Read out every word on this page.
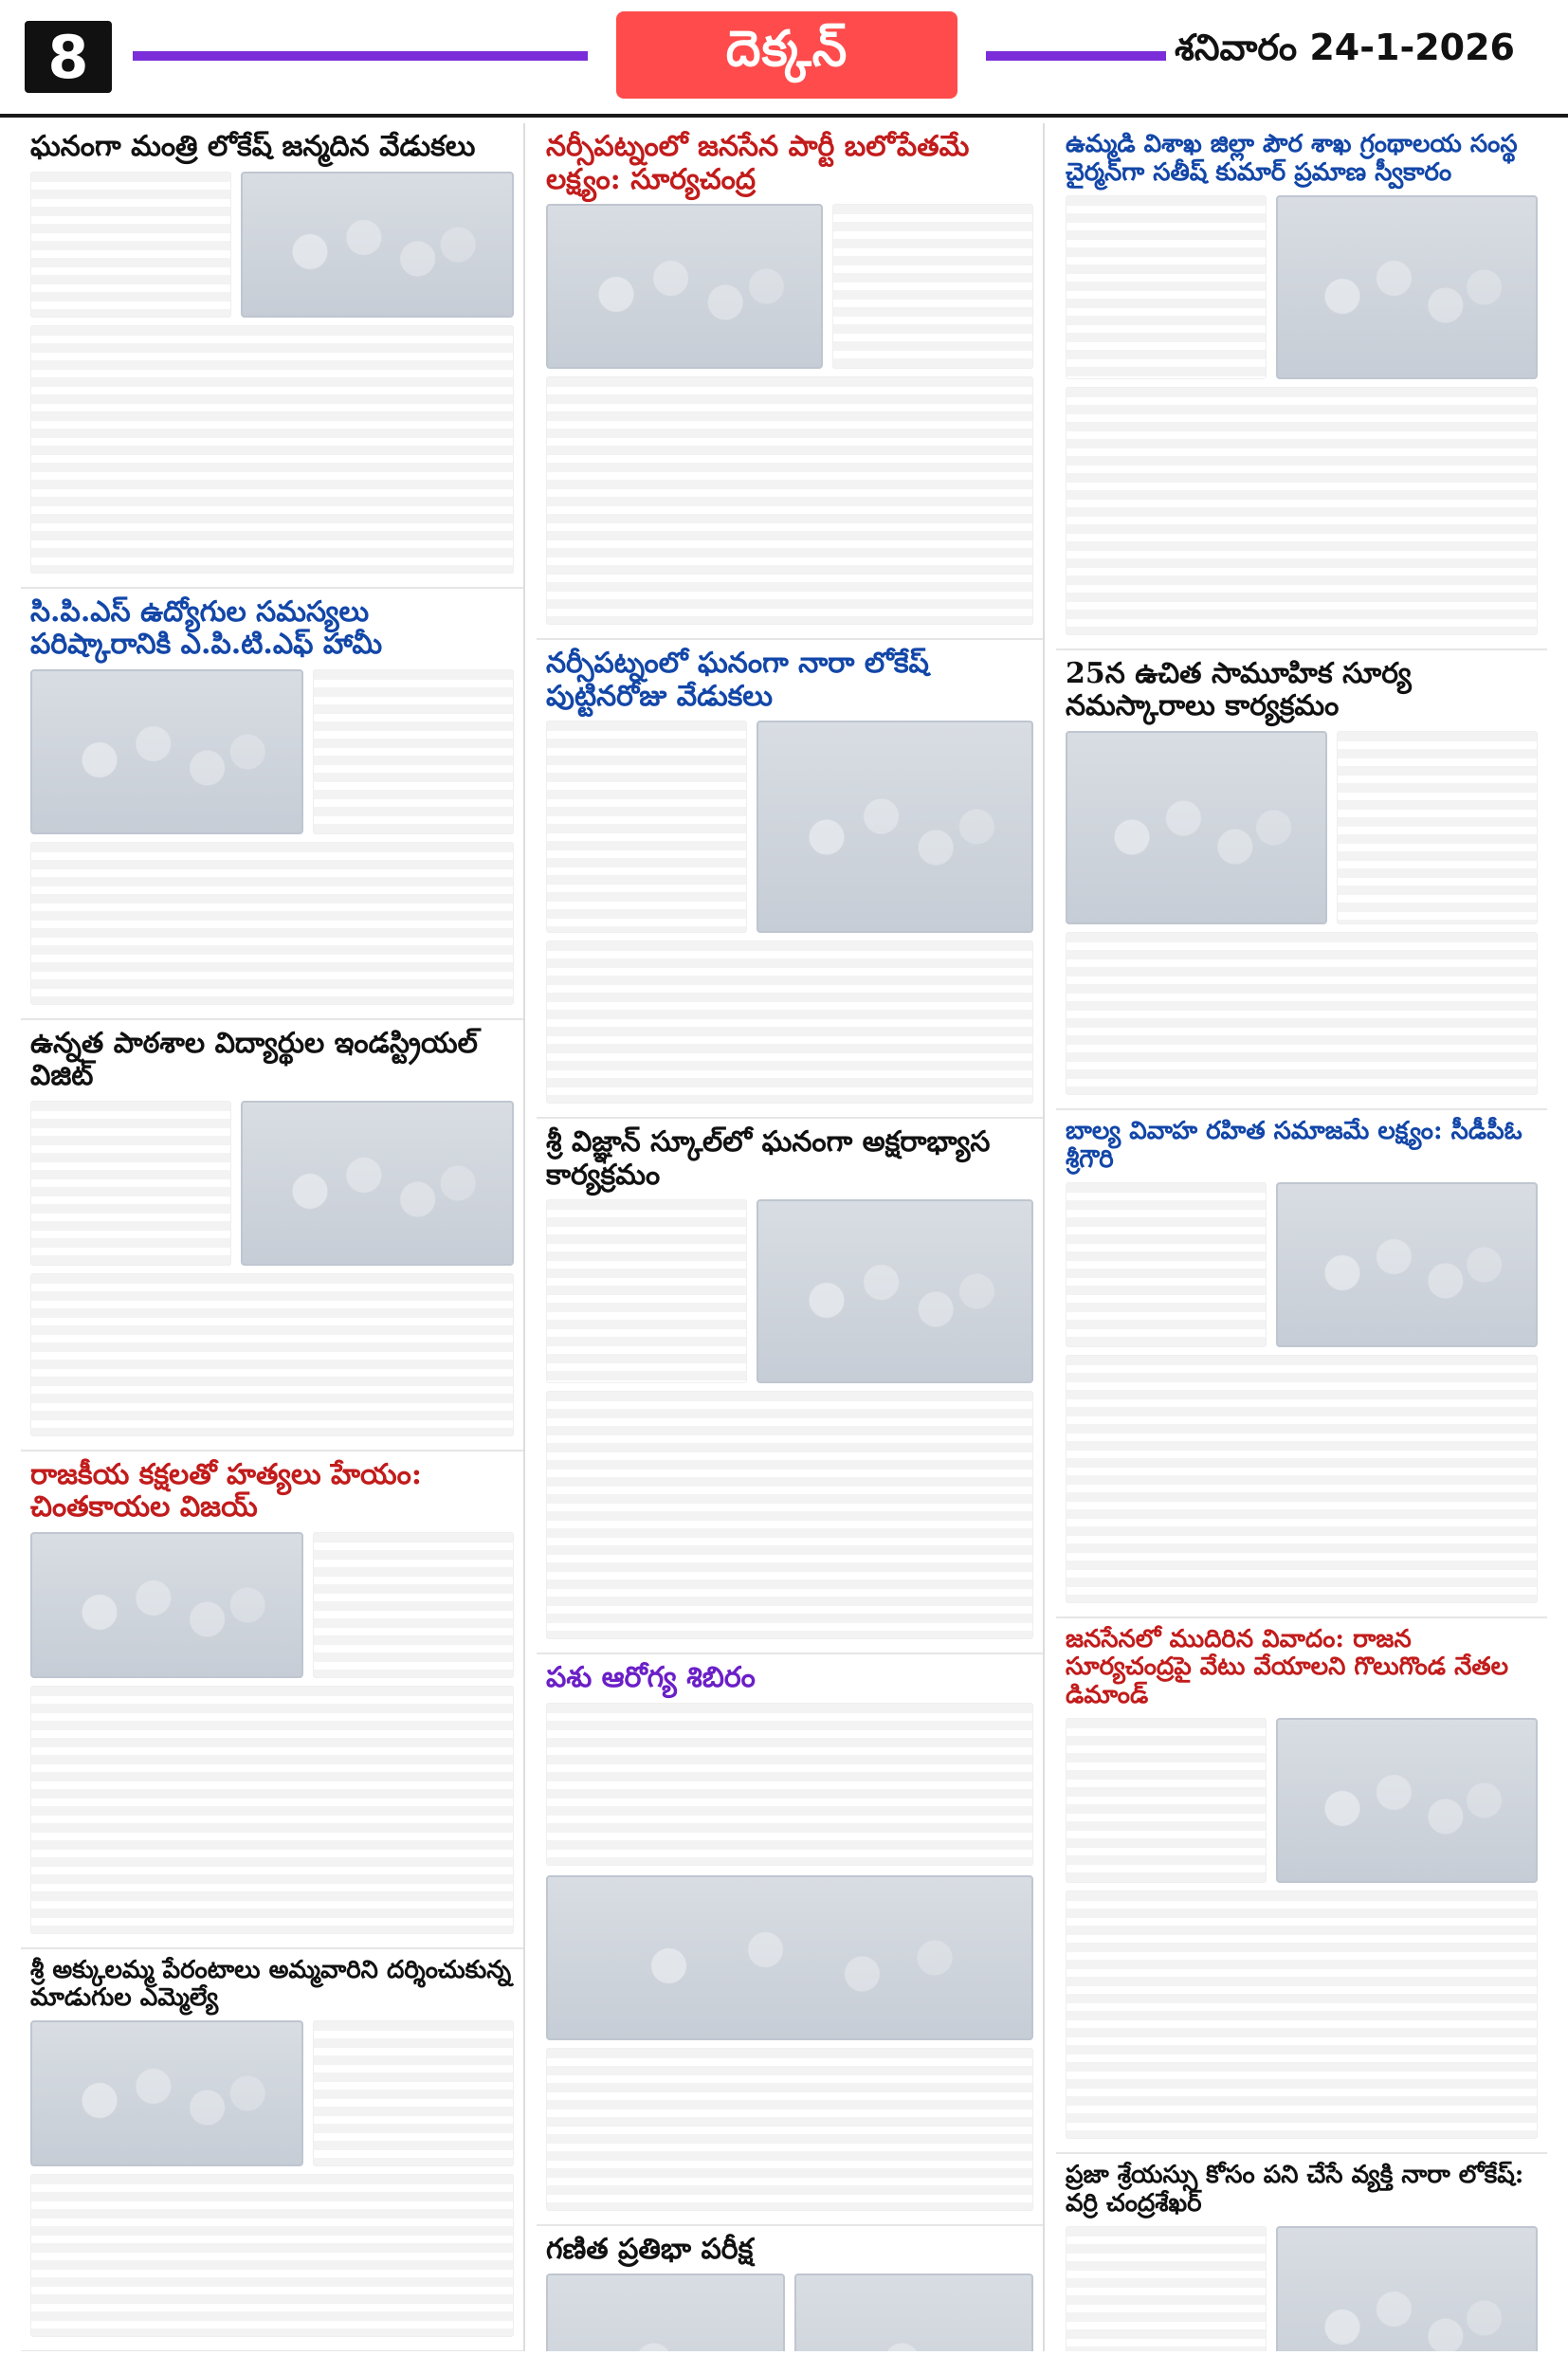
8	దెక్కన్	శనివారం 24-1-2026
ఘనంగా మంత్రి లోకేష్ జన్మదిన వేడుకలు
సి.పి.ఎస్ ఉద్యోగుల సమస్యలు పరిష్కారానికి ఎ.పి.టి.ఎఫ్ హామీ
ఉన్నత పాఠశాల విద్యార్థుల ఇండస్ట్రియల్ విజిట్
రాజకీయ కక్షలతో హత్యలు హేయం: చింతకాయల విజయ్
శ్రీ అక్కులమ్మ పేరంటాలు అమ్మవారిని దర్శించుకున్న మాడుగుల ఎమ్మెల్యే
నర్సీపట్నంలో జనసేన పార్టీ బలోపేతమే లక్ష్యం: సూర్యచంద్ర
నర్సీపట్నంలో ఘనంగా నారా లోకేష్ పుట్టినరోజు వేడుకలు
శ్రీ విజ్ఞాన్ స్కూల్‌లో ఘనంగా అక్షరాభ్యాస కార్యక్రమం
పశు ఆరోగ్య శిబిరం
గణిత ప్రతిభా పరీక్ష
ఉమ్మడి విశాఖ జిల్లా పౌర శాఖ గ్రంథాలయ సంస్థ చైర్మన్‌గా సతీష్ కుమార్ ప్రమాణ స్వీకారం
25న ఉచిత సామూహిక సూర్య నమస్కారాలు కార్యక్రమం
బాల్య వివాహ రహిత సమాజమే లక్ష్యం: సీడీపీఓ శ్రీగౌరి
జనసేనలో ముదిరిన వివాదం: రాజన సూర్యచంద్రపై వేటు వేయాలని గొలుగొండ నేతల డిమాండ్
ప్రజా శ్రేయస్సు కోసం పని చేసే వ్యక్తి నారా లోకేష్: వర్రి చంద్రశేఖర్
